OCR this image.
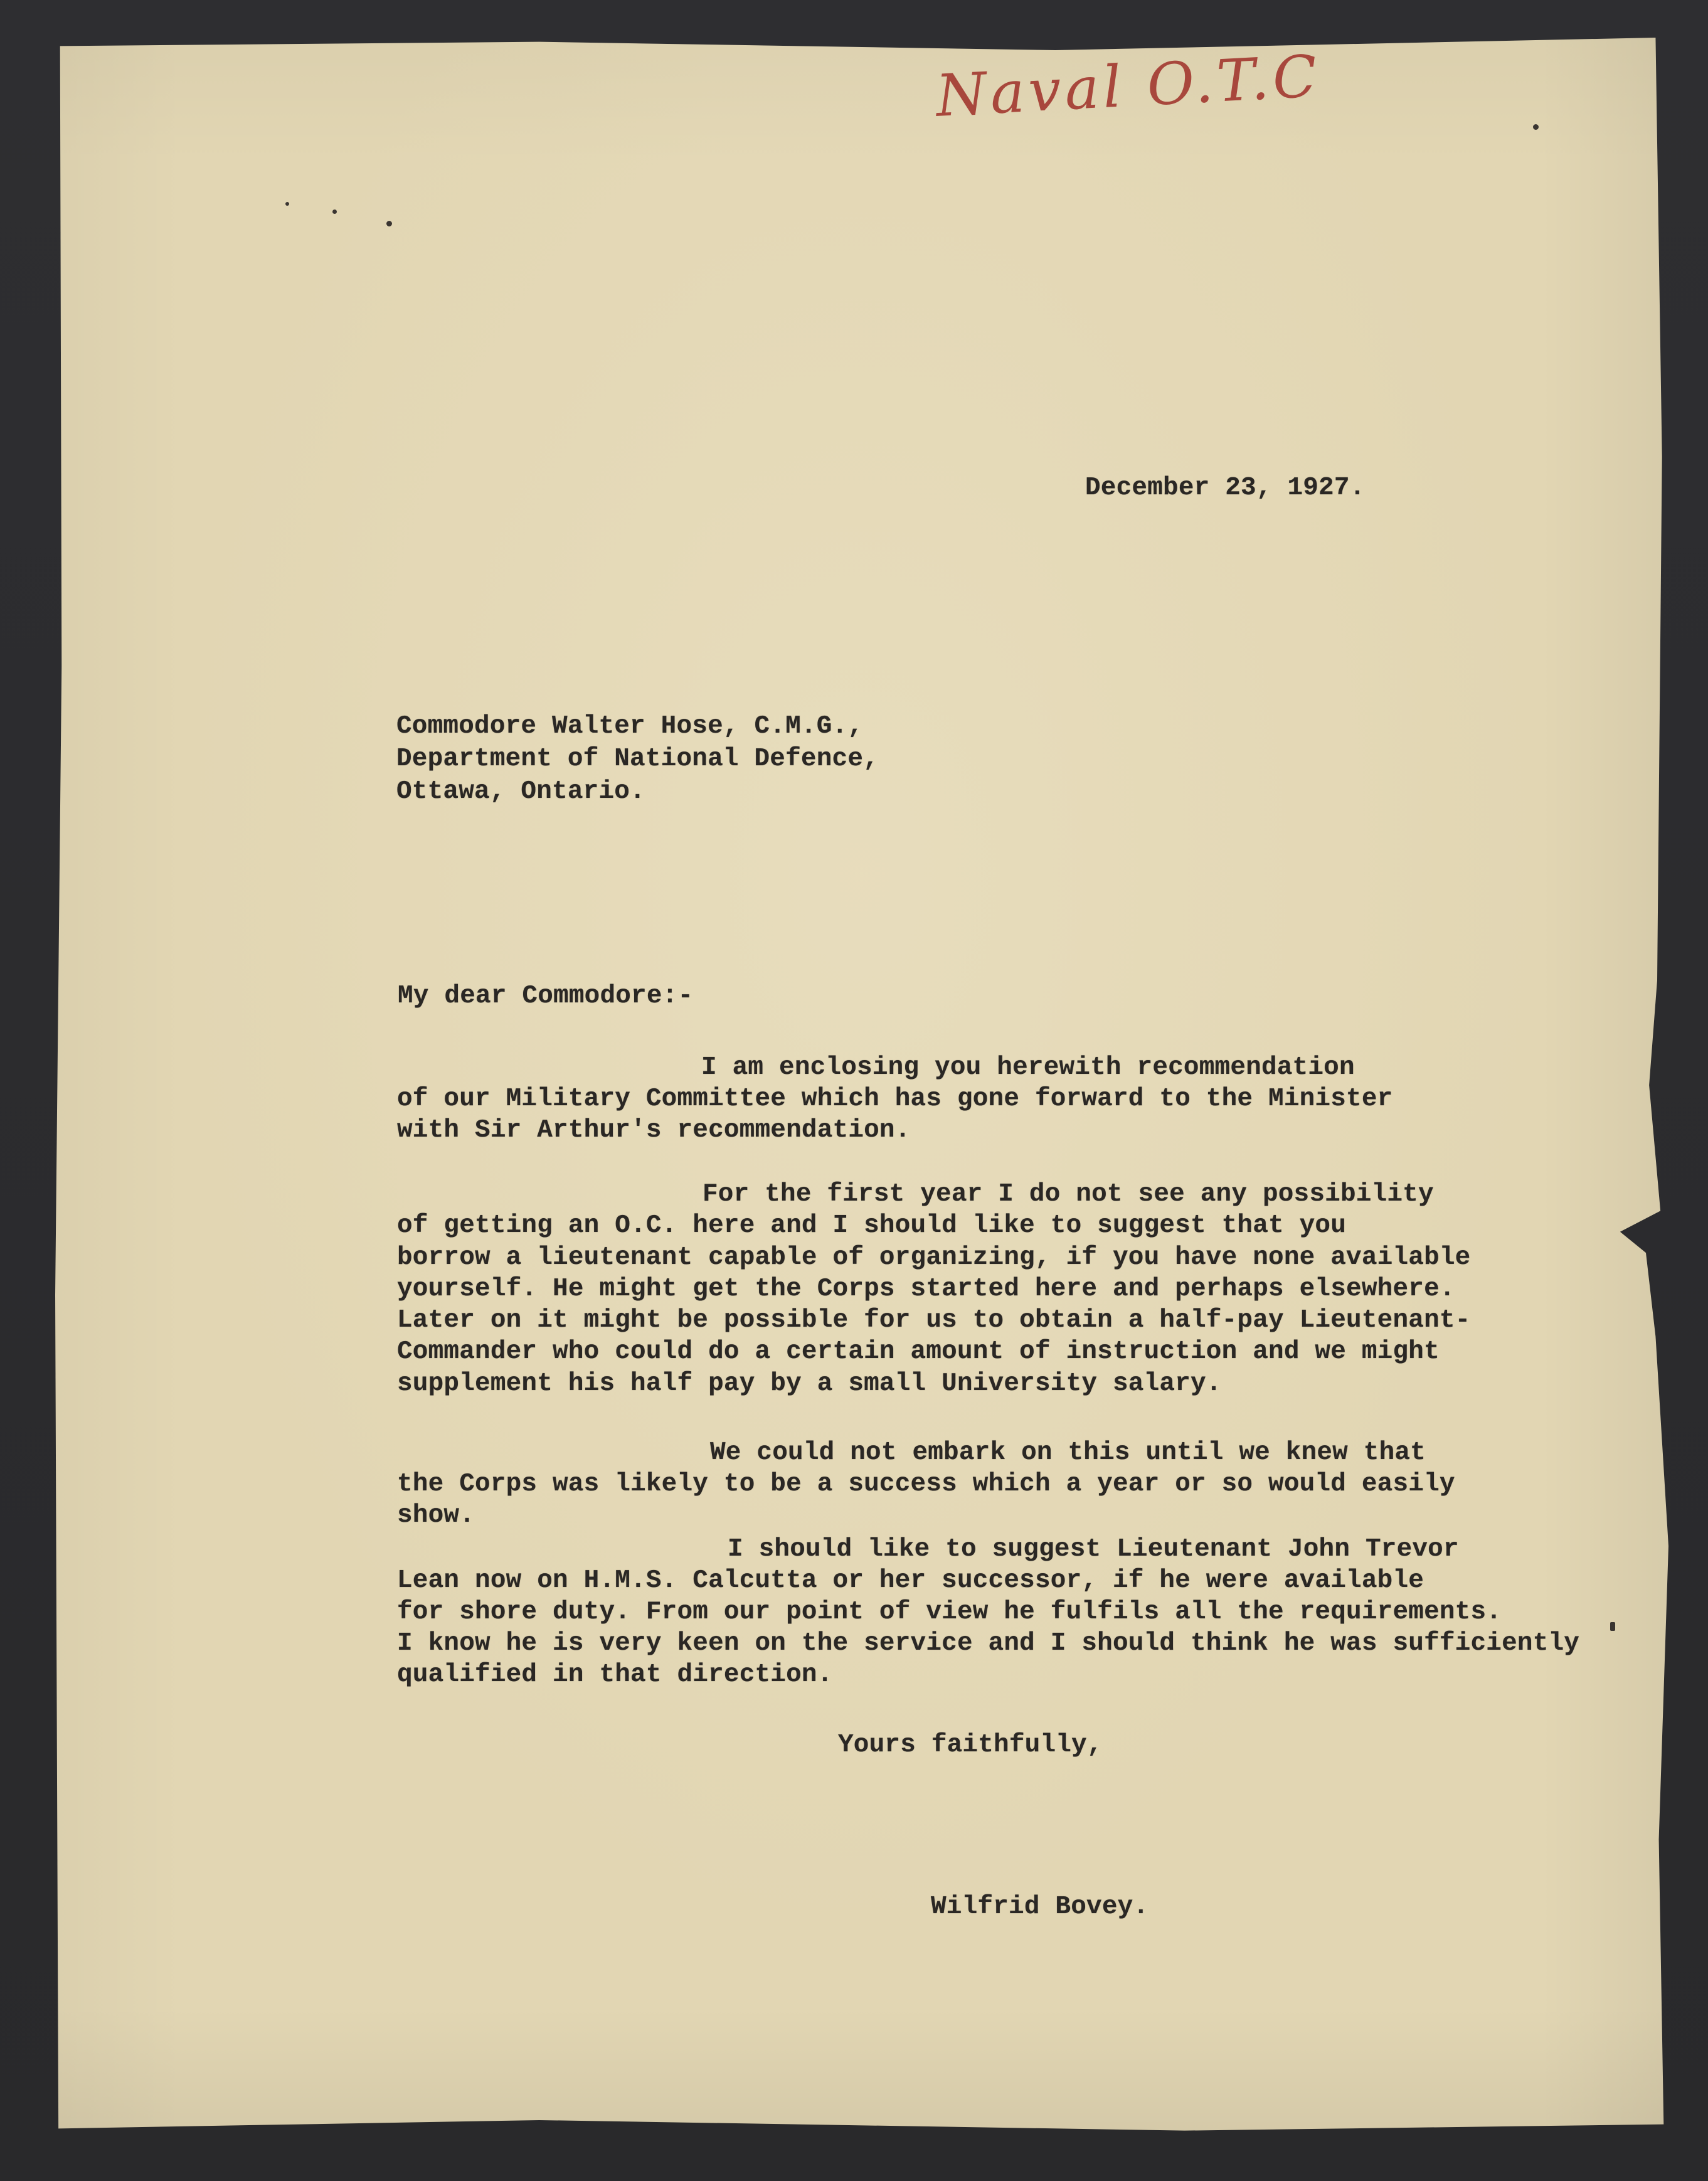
Naval O.T.C
December 23, 1927.
Commodore Walter Hose, C.M.G.,
Department of National Defence,
Ottawa, Ontario.
My dear Commodore:-
I am enclosing you herewith recommendation
of our Military Committee which has gone forward to the Minister
with Sir Arthur's recommendation.
For the first year I do not see any possibility
of getting an O.C. here and I should like to suggest that you
borrow a lieutenant capable of organizing, if you have none available
yourself. He might get the Corps started here and perhaps elsewhere.
Later on it might be possible for us to obtain a half-pay Lieutenant-
Commander who could do a certain amount of instruction and we might
supplement his half pay by a small University salary.
We could not embark on this until we knew that
the Corps was likely to be a success which a year or so would easily
show.
I should like to suggest Lieutenant John Trevor
Lean now on H.M.S. Calcutta or her successor, if he were available
for shore duty. From our point of view he fulfils all the requirements.
I know he is very keen on the service and I should think he was sufficiently
qualified in that direction.
Yours faithfully,
Wilfrid Bovey.
